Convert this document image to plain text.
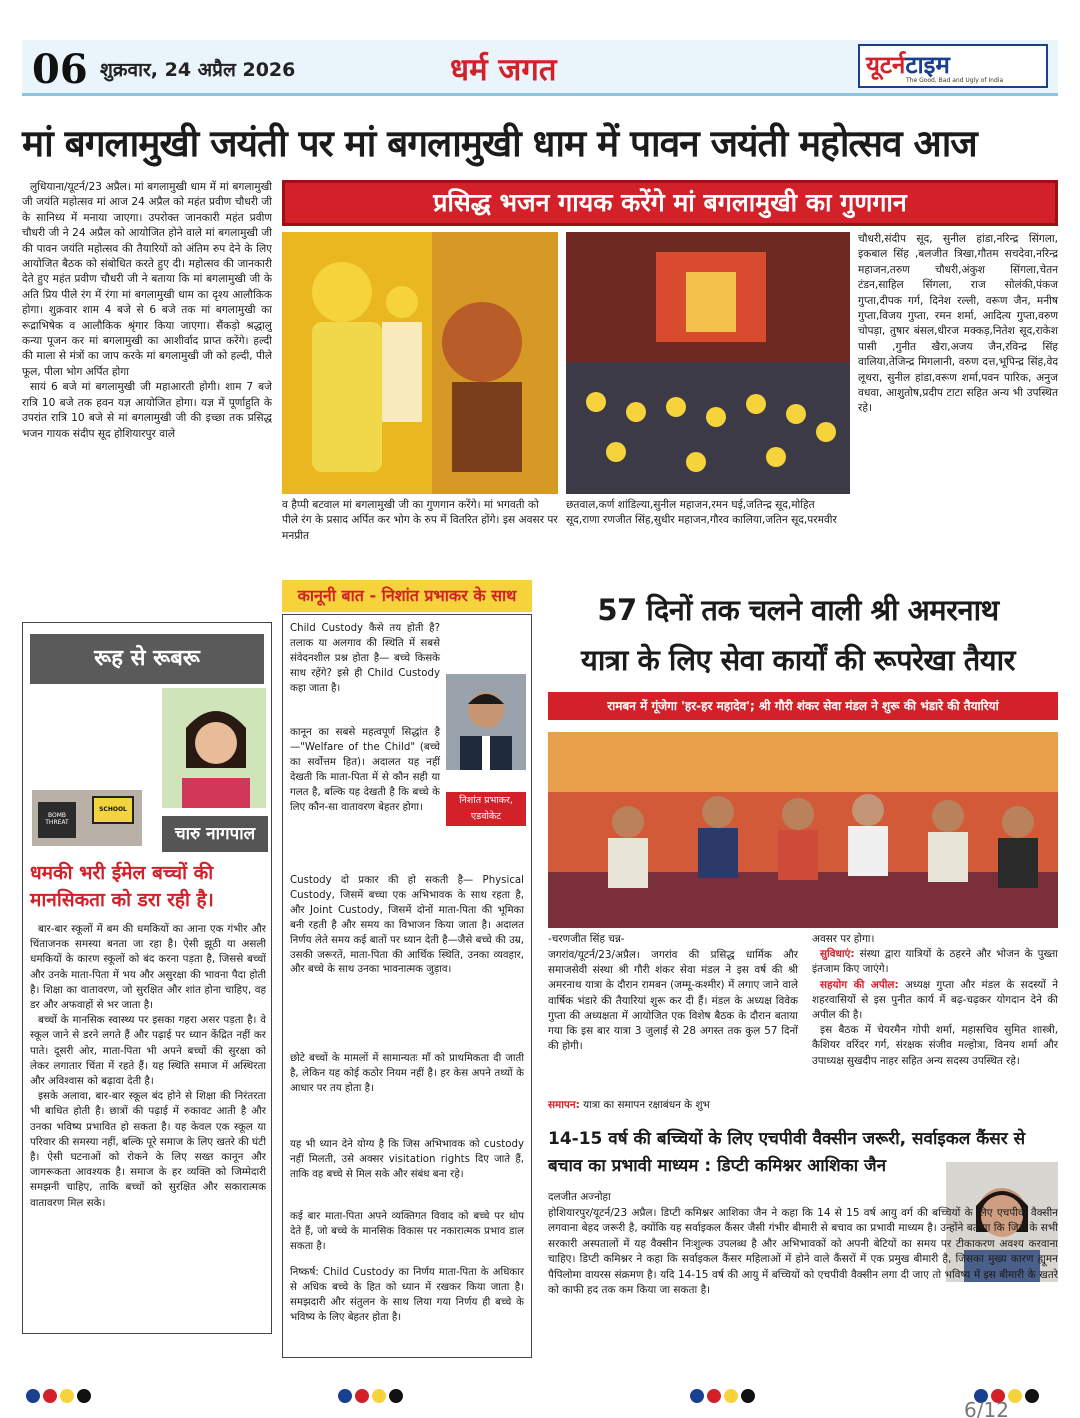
06 शुक्रवार, 24 अप्रैल 2026	धर्म जगत	यूटर्नटाइम
The Good, Bad and Ugly of India
मां बगलामुखी जयंती पर मां बगलामुखी धाम में पावन जयंती महोत्सव आज
प्रसिद्ध भजन गायक करेंगे मां बगलामुखी का गुणगान

लुधियाना/यूटर्न/23 अप्रैल। मां बगलामुखी धाम में मां बगलामुखी जी जयंति महोत्सव मां आज 24 अप्रैल को महंत प्रवीण चौधरी जी के सानिध्य में मनाया जाएगा। उपरोक्त जानकारी महंत प्रवीण चौधरी जी ने 24 अप्रैल को आयोजित होने वाले मां बगलामुखी जी की पावन जयंति महोत्सव की तैयारियों को अंतिम रुप देने के लिए आयोजित बैठक को संबोधित करते हुए दी। महोत्सव की जानकारी देते हुए महंत प्रवीण चौधरी जी ने बताया कि मां बगलामुखी जी के अति प्रिय पीले रंग में रंगा मां बगलामुखी धाम का दृश्य आलौकिक होगा। शुक्रवार शाम 4 बजे से 6 बजे तक मां बगलामुखी का रूद्राभिषेक व आलौकिक श्रृंगार किया जाएगा। सैंकड़ो श्रद्धालु कन्या पूजन कर मां बगलामुखी का आशीर्वाद प्राप्त करेंगे। हल्दी की माला से मंत्रों का जाप करके मां बगलामुखी जी को हल्दी, पीले फूल, पीला भोग अर्पित होगा

सायं 6 बजे मां बगलामुखी जी महाआरती होगी। शाम 7 बजे रात्रि 10 बजे तक हवन यज्ञ आयोजित होगा। यज्ञ में पूर्णाहुति के उपरांत रात्रि 10 बजे से मां बगलामुखी जी की इच्छा तक प्रसिद्ध भजन गायक संदीप सूद होशियारपुर वाले

व हैप्पी बटवाल मां बगलामुखी जी का गुणगान करेंगे। मां भगवती को पीले रंग के प्रसाद अर्पित कर भोग के रुप में वितरित होंगे। इस अवसर पर मनप्रीत
छतवाल,कर्ण शांडिल्या,सुनील महाजन,रमन घई,जतिन्द्र सूद,मोहित सूद,राणा रणजीत सिंह,सुधीर महाजन,गौरव कालिया,जतिन सूद,परमवीर
चौधरी,संदीप सूद, सुनील हांडा,नरिन्द्र सिंगला, इकबाल सिंह ,बलजीत त्रिखा,गौतम सचदेवा,नरिन्द्र महाजन,तरुण चौधरी,अंकुश सिंगला,चेतन टंडन,साहिल सिंगला, राज सोलंकी,पंकज गुप्ता,दीपक गर्ग, दिनेश रल्ली, वरूण जैन, मनीष गुप्ता,विजय गुप्ता, रमन शर्मा, आदित्य गुप्ता,वरुण चोपड़ा, तुषार बंसल,धीरज मक्कड़,नितेश सूद,राकेश पासी ,गुनीत खैरा,अजय जैन,रविन्द्र सिंह वालिया,तेजिन्द्र मिगलानी, वरुण दत्त,भूपिन्द्र सिंह,वेद लूथरा, सुनील हांडा,वरूण शर्मा,पवन पारिक, अनुज वधवा, आशुतोष,प्रदीप टाटा सहित अन्य भी उपस्थित रहे।
रूह से रूबरू
BOMB THREAT
SCHOOL
चारु नागपाल
धमकी भरी ईमेल बच्चों की मानसिकता को डरा रही है।

बार-बार स्कूलों में बम की धमकियों का आना एक गंभीर और चिंताजनक समस्या बनता जा रहा है। ऐसी झूठी या असली धमकियों के कारण स्कूलों को बंद करना पड़ता है, जिससे बच्चों और उनके माता-पिता में भय और असुरक्षा की भावना पैदा होती है। शिक्षा का वातावरण, जो सुरक्षित और शांत होना चाहिए, वह डर और अफवाहों से भर जाता है।

बच्चों के मानसिक स्वास्थ्य पर इसका गहरा असर पड़ता है। वे स्कूल जाने से डरने लगते हैं और पढ़ाई पर ध्यान केंद्रित नहीं कर पाते। दूसरी ओर, माता-पिता भी अपने बच्चों की सुरक्षा को लेकर लगातार चिंता में रहते हैं। यह स्थिति समाज में अस्थिरता और अविश्वास को बढ़ावा देती है।

इसके अलावा, बार-बार स्कूल बंद होने से शिक्षा की निरंतरता भी बाधित होती है। छात्रों की पढ़ाई में रुकावट आती है और उनका भविष्य प्रभावित हो सकता है। यह केवल एक स्कूल या परिवार की समस्या नहीं, बल्कि पूरे समाज के लिए खतरे की घंटी है। ऐसी घटनाओं को रोकने के लिए सख्त कानून और जागरूकता आवश्यक है। समाज के हर व्यक्ति को जिम्मेदारी समझनी चाहिए, ताकि बच्चों को सुरक्षित और सकारात्मक वातावरण मिल सके।

कानूनी बात - निशांत प्रभाकर के साथ
निशांत प्रभाकर,
एडवोकेट
Child Custody कैसे तय होती है? तलाक या अलगाव की स्थिति में सबसे संवेदनशील प्रश्न होता है— बच्चे किसके साथ रहेंगे? इसे ही Child Custody कहा जाता है।
कानून का सबसे महत्वपूर्ण सिद्धांत है—"Welfare of the Child" (बच्चे का सर्वोत्तम हित)। अदालत यह नहीं देखती कि माता-पिता में से कौन सही या गलत है, बल्कि यह देखती है कि बच्चे के लिए कौन-सा वातावरण बेहतर होगा।
Custody दो प्रकार की हो सकती है— Physical Custody, जिसमें बच्चा एक अभिभावक के साथ रहता है, और Joint Custody, जिसमें दोनों माता-पिता की भूमिका बनी रहती है और समय का विभाजन किया जाता है। अदालत निर्णय लेते समय कई बातों पर ध्यान देती है—जैसे बच्चे की उम्र, उसकी जरूरतें, माता-पिता की आर्थिक स्थिति, उनका व्यवहार, और बच्चे के साथ उनका भावनात्मक जुड़ाव।
छोटे बच्चों के मामलों में सामान्यतः माँ को प्राथमिकता दी जाती है, लेकिन यह कोई कठोर नियम नहीं है। हर केस अपने तथ्यों के आधार पर तय होता है।
यह भी ध्यान देने योग्य है कि जिस अभिभावक को custody नहीं मिलती, उसे अक्सर visitation rights दिए जाते हैं, ताकि वह बच्चे से मिल सके और संबंध बना रहे।
कई बार माता-पिता अपने व्यक्तिगत विवाद को बच्चे पर थोप देते हैं, जो बच्चे के मानसिक विकास पर नकारात्मक प्रभाव डाल सकता है।
निष्कर्ष: Child Custody का निर्णय माता-पिता के अधिकार से अधिक बच्चे के हित को ध्यान में रखकर किया जाता है। समझदारी और संतुलन के साथ लिया गया निर्णय ही बच्चे के भविष्य के लिए बेहतर होता है।
57 दिनों तक चलने वाली श्री अमरनाथ
यात्रा के लिए सेवा कार्यों की रूपरेखा तैयार
रामबन में गूंजेगा 'हर-हर महादेव'; श्री गौरी शंकर सेवा मंडल ने शुरू की भंडारे की तैयारियां
-चरणजीत सिंह चन्न-
जगरांव/यूटर्न/23/अप्रैल। जगरांव की प्रसिद्ध धार्मिक और समाजसेवी संस्था श्री गौरी शंकर सेवा मंडल ने इस वर्ष की श्री अमरनाथ यात्रा के दौरान रामबन (जम्मू-कश्मीर) में लगाए जाने वाले वार्षिक भंडारे की तैयारियां शुरू कर दी हैं। मंडल के अध्यक्ष विवेक गुप्ता की अध्यक्षता में आयोजित एक विशेष बैठक के दौरान बताया गया कि इस बार यात्रा 3 जुलाई से 28 अगस्त तक कुल 57 दिनों की होगी।
समापन: यात्रा का समापन रक्षाबंधन के शुभ

अवसर पर होगा।

सुविधाएं: संस्था द्वारा यात्रियों के ठहरने और भोजन के पुख्ता इंतजाम किए जाएंगे।

सहयोग की अपील: अध्यक्ष गुप्ता और मंडल के सदस्यों ने शहरवासियों से इस पुनीत कार्य में बढ़-चढ़कर योगदान देने की अपील की है।

इस बैठक में चेयरमैन गोपी शर्मा, महासचिव सुमित शास्त्री, कैशियर वरिंदर गर्ग, संरक्षक संजीव मल्होत्रा, विनय शर्मा और उपाध्यक्ष सुखदीप नाहर सहित अन्य सदस्य उपस्थित रहे।

14-15 वर्ष की बच्चियों के लिए एचपीवी वैक्सीन जरूरी, सर्वाइकल कैंसर से बचाव का प्रभावी माध्यम : डिप्टी कमिश्नर आशिका जैन
दलजीत अज्नोहा
होशियारपुर/यूटर्न/23 अप्रैल। डिप्टी कमिश्नर आशिका जैन ने कहा कि 14 से 15 वर्ष आयु वर्ग की बच्चियों के लिए एचपीवी वैक्सीन लगवाना बेहद जरूरी है, क्योंकि यह सर्वाइकल कैंसर जैसी गंभीर बीमारी से बचाव का प्रभावी माध्यम है। उन्होंने बताया कि जिले के सभी सरकारी अस्पतालों में यह वैक्सीन निःशुल्क उपलब्ध है और अभिभावकों को अपनी बेटियों का समय पर टीकाकरण अवश्य करवाना चाहिए। डिप्टी कमिश्नर ने कहा कि सर्वाइकल कैंसर महिलाओं में होने वाले कैंसरों में एक प्रमुख बीमारी है, जिसका मुख्य कारण ह्यूमन पैपिलोमा वायरस संक्रमण है। यदि 14-15 वर्ष की आयु में बच्चियों को एचपीवी वैक्सीन लगा दी जाए तो भविष्य में इस बीमारी के खतरे को काफी हद तक कम किया जा सकता है।
6/12
